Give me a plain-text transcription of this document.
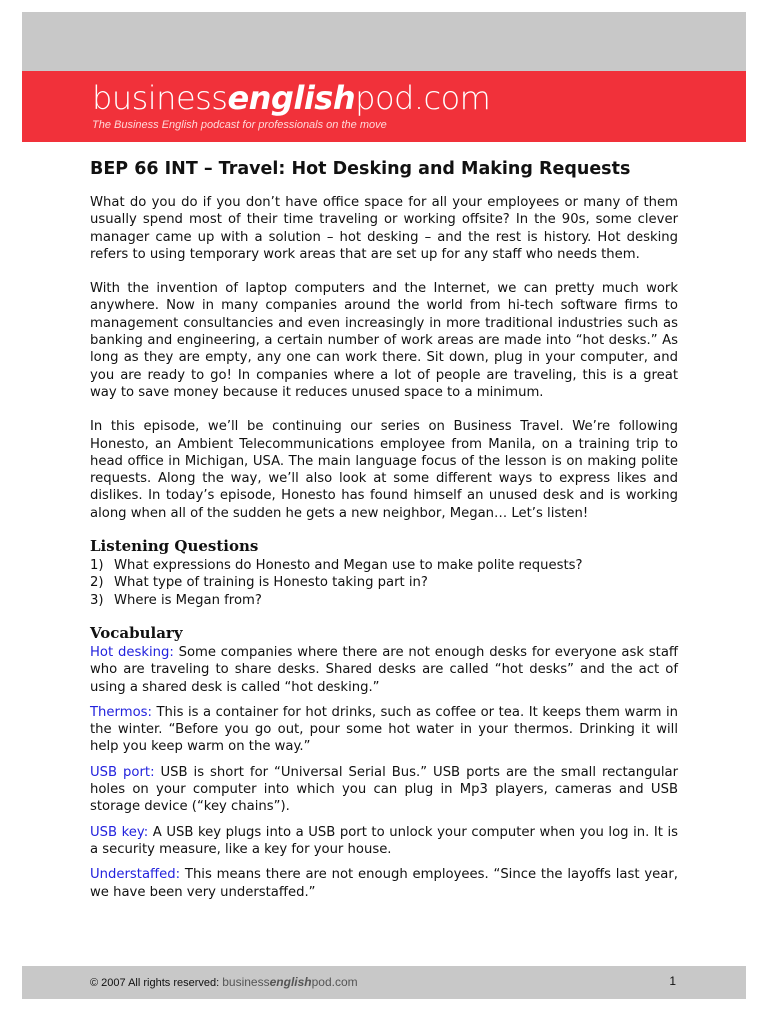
businessenglishpod.com
The Business English podcast for professionals on the move
BEP 66 INT – Travel: Hot Desking and Making Requests

What do you do if you don’t have office space for all your employees or many of them usually spend most of their time traveling or working offsite? In the 90s, some clever manager came up with a solution – hot desking – and the rest is history. Hot desking refers to using temporary work areas that are set up for any staff who needs them.

With the invention of laptop computers and the Internet, we can pretty much work anywhere. Now in many companies around the world from hi-tech software firms to management consultancies and even increasingly in more traditional industries such as banking and engineering, a certain number of work areas are made into “hot desks.” As long as they are empty, any one can work there. Sit down, plug in your computer, and you are ready to go! In companies where a lot of people are traveling, this is a great way to save money because it reduces unused space to a minimum.

In this episode, we’ll be continuing our series on Business Travel. We’re following Honesto, an Ambient Telecommunications employee from Manila, on a training trip to head office in Michigan, USA. The main language focus of the lesson is on making polite requests. Along the way, we’ll also look at some different ways to express likes and dislikes. In today’s episode, Honesto has found himself an unused desk and is working along when all of the sudden he gets a new neighbor, Megan… Let’s listen!

Listening Questions
1) What expressions do Honesto and Megan use to make polite requests?
2) What type of training is Honesto taking part in?
3) Where is Megan from?
Vocabulary

Hot desking: Some companies where there are not enough desks for everyone ask staff who are traveling to share desks. Shared desks are called “hot desks” and the act of using a shared desk is called “hot desking.”

Thermos: This is a container for hot drinks, such as coffee or tea. It keeps them warm in the winter. “Before you go out, pour some hot water in your thermos. Drinking it will help you keep warm on the way.”

USB port: USB is short for “Universal Serial Bus.” USB ports are the small rectangular holes on your computer into which you can plug in Mp3 players, cameras and USB storage device (“key chains”).

USB key: A USB key plugs into a USB port to unlock your computer when you log in. It is a security measure, like a key for your house.

Understaffed: This means there are not enough employees. “Since the layoffs last year, we have been very understaffed.”

© 2007 All rights reserved: businessenglishpod.com	1
